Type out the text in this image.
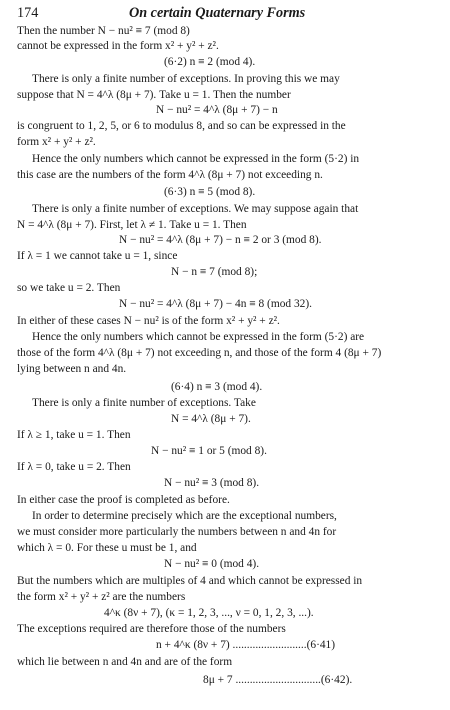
174	On certain Quaternary Forms
Then the number N − nu² ≡ 7 (mod 8)
cannot be expressed in the form x² + y² + z².
(6·2) n ≡ 2 (mod 4).
There is only a finite number of exceptions. In proving this we may
suppose that N = 4^λ (8μ + 7). Take u = 1. Then the number
N − nu² = 4^λ (8μ + 7) − n
is congruent to 1, 2, 5, or 6 to modulus 8, and so can be expressed in the
form x² + y² + z².
Hence the only numbers which cannot be expressed in the form (5·2) in
this case are the numbers of the form 4^λ (8μ + 7) not exceeding n.
(6·3) n ≡ 5 (mod 8).
There is only a finite number of exceptions. We may suppose again that
N = 4^λ (8μ + 7). First, let λ ≠ 1. Take u = 1. Then
N − nu² = 4^λ (8μ + 7) − n ≡ 2 or 3 (mod 8).
If λ = 1 we cannot take u = 1, since
N − n ≡ 7 (mod 8);
so we take u = 2. Then
N − nu² = 4^λ (8μ + 7) − 4n ≡ 8 (mod 32).
In either of these cases N − nu² is of the form x² + y² + z².
Hence the only numbers which cannot be expressed in the form (5·2) are
those of the form 4^λ (8μ + 7) not exceeding n, and those of the form 4 (8μ + 7)
lying between n and 4n.
(6·4) n ≡ 3 (mod 4).
There is only a finite number of exceptions. Take
N = 4^λ (8μ + 7).
If λ ≥ 1, take u = 1. Then
N − nu² ≡ 1 or 5 (mod 8).
If λ = 0, take u = 2. Then
N − nu² ≡ 3 (mod 8).
In either case the proof is completed as before.
In order to determine precisely which are the exceptional numbers,
we must consider more particularly the numbers between n and 4n for
which λ = 0. For these u must be 1, and
N − nu² ≡ 0 (mod 4).
But the numbers which are multiples of 4 and which cannot be expressed in
the form x² + y² + z² are the numbers
4^κ (8ν + 7), (κ = 1, 2, 3, ..., ν = 0, 1, 2, 3, ...).
The exceptions required are therefore those of the numbers
n + 4^κ (8ν + 7) ..........................(6·41)
which lie between n and 4n and are of the form
8μ + 7 ..............................(6·42).
